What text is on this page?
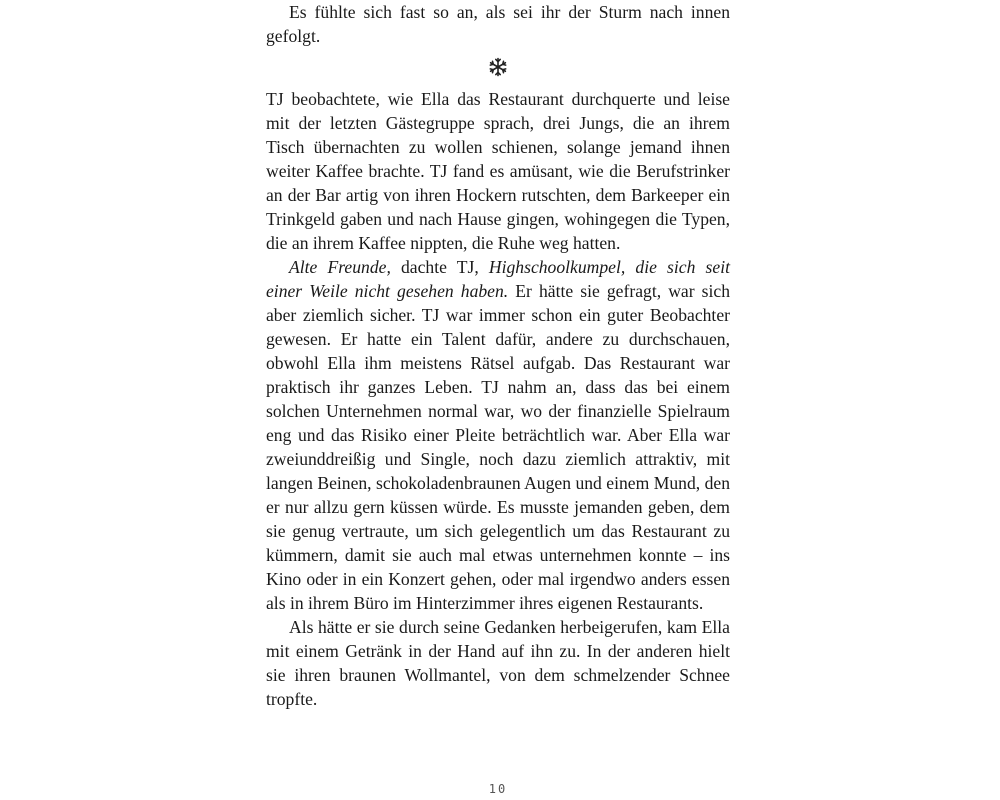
Es fühlte sich fast so an, als sei ihr der Sturm nach innen gefolgt.

TJ beobachtete, wie Ella das Restaurant durchquerte und leise mit der letzten Gästegruppe sprach, drei Jungs, die an ihrem Tisch übernachten zu wollen schienen, solange jemand ihnen weiter Kaffee brachte. TJ fand es amüsant, wie die Berufstrinker an der Bar artig von ihren Hockern rutschten, dem Barkeeper ein Trinkgeld gaben und nach Hause gingen, wohingegen die Typen, die an ihrem Kaffee nippten, die Ruhe weg hatten.

Alte Freunde, dachte TJ, Highschoolkumpel, die sich seit einer Weile nicht gesehen haben. Er hätte sie gefragt, war sich aber ziemlich sicher. TJ war immer schon ein guter Beobachter gewesen. Er hatte ein Talent dafür, andere zu durchschauen, obwohl Ella ihm meistens Rätsel aufgab. Das Restaurant war praktisch ihr ganzes Leben. TJ nahm an, dass das bei einem solchen Unternehmen normal war, wo der finanzielle Spielraum eng und das Risiko einer Pleite beträchtlich war. Aber Ella war zweiunddreißig und Single, noch dazu ziemlich attraktiv, mit langen Beinen, schokoladenbraunen Augen und einem Mund, den er nur allzu gern küssen würde. Es musste jemanden geben, dem sie genug vertraute, um sich gelegentlich um das Restaurant zu kümmern, damit sie auch mal etwas unternehmen konnte – ins Kino oder in ein Konzert gehen, oder mal irgendwo anders essen als in ihrem Büro im Hinterzimmer ihres eigenen Restaurants.

Als hätte er sie durch seine Gedanken herbeigerufen, kam Ella mit einem Getränk in der Hand auf ihn zu. In der anderen hielt sie ihren braunen Wollmantel, von dem schmelzender Schnee tropfte.

10
